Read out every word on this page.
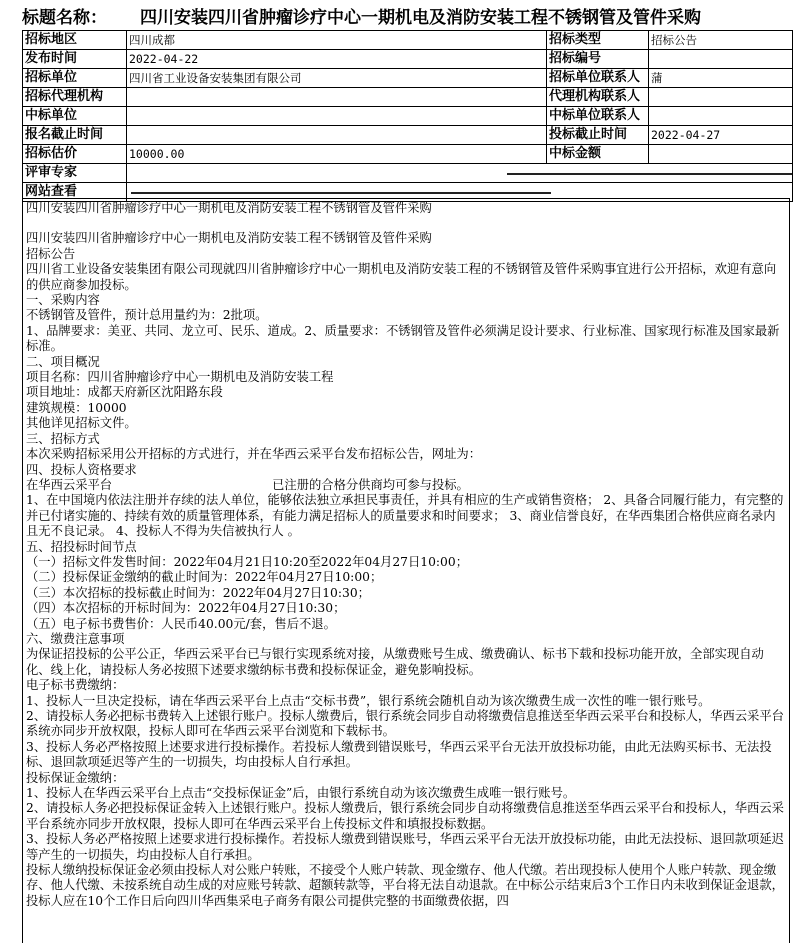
标题名称： 四川安装四川省肿瘤诊疗中心一期机电及消防安装工程不锈钢管及管件采购
招标地区	四川成都	招标类型	招标公告
发布时间	2022-04-22	招标编号	
招标单位	四川省工业设备安装集团有限公司	招标单位联系人	蒲
招标代理机构		代理机构联系人	
中标单位		中标单位联系人	
报名截止时间		投标截止时间	2022-04-27
招标估价	10000.00	中标金额	
评审专家			
网站查看			

四川安装四川省肿瘤诊疗中心一期机电及消防安装工程不锈钢管及管件采购

四川安装四川省肿瘤诊疗中心一期机电及消防安装工程不锈钢管及管件采购

招标公告

四川省工业设备安装集团有限公司现就四川省肿瘤诊疗中心一期机电及消防安装工程的不锈钢管及管件采购事宜进行公开招标，欢迎有意向的供应商参加投标。

一、采购内容

不锈钢管及管件，预计总用量约为：2批项。

1、品牌要求：美亚、共同、龙立可、民乐、道成。2、质量要求：不锈钢管及管件必须满足设计要求、行业标准、国家现行标准及国家最新标准。

二、项目概况

项目名称：四川省肿瘤诊疗中心一期机电及消防安装工程

项目地址：成都天府新区沈阳路东段

建筑规模：10000

其他详见招标文件。

三、招标方式

本次采购招标采用公开招标的方式进行，并在华西云采平台发布招标公告，网址为：

四、投标人资格要求

在华西云采平台	已注册的合格分供商均可参与投标。

1、在中国境内依法注册并存续的法人单位，能够依法独立承担民事责任，并具有相应的生产或销售资格； 2、具备合同履行能力，有完整的并已付诸实施的、持续有效的质量管理体系，有能力满足招标人的质量要求和时间要求； 3、商业信誉良好，在华西集团合格供应商名录内且无不良记录。 4、投标人不得为失信被执行人 。

五、招投标时间节点

（一）招标文件发售时间：2022年04月21日10:20至2022年04月27日10:00；

（二）投标保证金缴纳的截止时间为：2022年04月27日10:00；

（三）本次招标的投标截止时间为：2022年04月27日10:30；

（四）本次招标的开标时间为：2022年04月27日10:30；

（五）电子标书费售价：人民币40.00元/套，售后不退。

六、缴费注意事项

为保证招投标的公平公正，华西云采平台已与银行实现系统对接，从缴费账号生成、缴费确认、标书下载和投标功能开放，全部实现自动化、线上化，请投标人务必按照下述要求缴纳标书费和投标保证金，避免影响投标。

电子标书费缴纳：

1、投标人一旦决定投标，请在华西云采平台上点击“交标书费”，银行系统会随机自动为该次缴费生成一次性的唯一银行账号。

2、请投标人务必把标书费转入上述银行账户。投标人缴费后，银行系统会同步自动将缴费信息推送至华西云采平台和投标人，华西云采平台系统亦同步开放权限，投标人即可在华西云采平台浏览和下载标书。

3、投标人务必严格按照上述要求进行投标操作。若投标人缴费到错误账号，华西云采平台无法开放投标功能，由此无法购买标书、无法投标、退回款项延迟等产生的一切损失，均由投标人自行承担。

投标保证金缴纳：

1、投标人在华西云采平台上点击“交投标保证金”后，由银行系统自动为该次缴费生成唯一银行账号。

2、请投标人务必把投标保证金转入上述银行账户。投标人缴费后，银行系统会同步自动将缴费信息推送至华西云采平台和投标人，华西云采平台系统亦同步开放权限，投标人即可在华西云采平台上传投标文件和填报投标数据。

3、投标人务必严格按照上述要求进行投标操作。若投标人缴费到错误账号，华西云采平台无法开放投标功能，由此无法投标、退回款项延迟等产生的一切损失，均由投标人自行承担。

投标人缴纳投标保证金必须由投标人对公账户转账，不接受个人账户转款、现金缴存、他人代缴。若出现投标人使用个人账户转款、现金缴存、他人代缴、未按系统自动生成的对应账号转款、超额转款等，平台将无法自动退款。在中标公示结束后3个工作日内未收到保证金退款，投标人应在10个工作日后向四川华西集采电子商务有限公司提供完整的书面缴费依据，四
